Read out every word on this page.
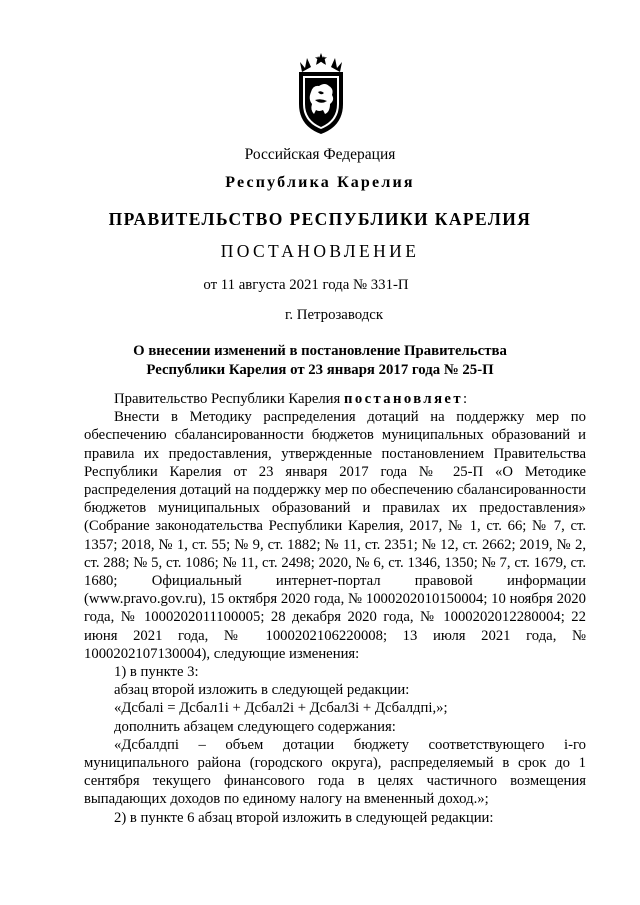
Российская Федерация
Республика Карелия
ПРАВИТЕЛЬСТВО РЕСПУБЛИКИ КАРЕЛИЯ
ПОСТАНОВЛЕНИЕ
от 11 августа 2021 года № 331-П
г. Петрозаводск
О внесении изменений в постановление Правительства
Республики Карелия от 23 января 2017 года № 25-П

Правительство Республики Карелия постановляет:

Внести в Методику распределения дотаций на поддержку мер по обеспечению сбалансированности бюджетов муниципальных образований и правила их предоставления, утвержденные постановлением Правительства Республики Карелия от 23 января 2017 года № 25-П «О Методике распределения дотаций на поддержку мер по обеспечению сбалансированности бюджетов муниципальных образований и правилах их предоставления» (Собрание законодательства Республики Карелия, 2017, № 1, ст. 66; № 7, ст. 1357; 2018, № 1, ст. 55; № 9, ст. 1882; № 11, ст. 2351; № 12, ст. 2662; 2019, № 2, ст. 288; № 5, ст. 1086; № 11, ст. 2498; 2020, № 6, ст. 1346, 1350; № 7, ст. 1679, ст. 1680; Официальный интернет-портал правовой информации (www.pravo.gov.ru), 15 октября 2020 года, № 1000202010150004; 10 ноября 2020 года, № 1000202011100005; 28 декабря 2020 года, № 1000202012280004; 22 июня 2021 года, № 1000202106220008; 13 июля 2021 года, № 1000202107130004), следующие изменения:

1) в пункте 3:

абзац второй изложить в следующей редакции:

«Дсбалi = Дсбал1i + Дсбал2i + Дсбал3i + Дсбалдпi,»;

дополнить абзацем следующего содержания:

«Дсбалдпi – объем дотации бюджету соответствующего i-го муниципального района (городского округа), распределяемый в срок до 1 сентября текущего финансового года в целях частичного возмещения выпадающих доходов по единому налогу на вмененный доход.»;

2) в пункте 6 абзац второй изложить в следующей редакции:
